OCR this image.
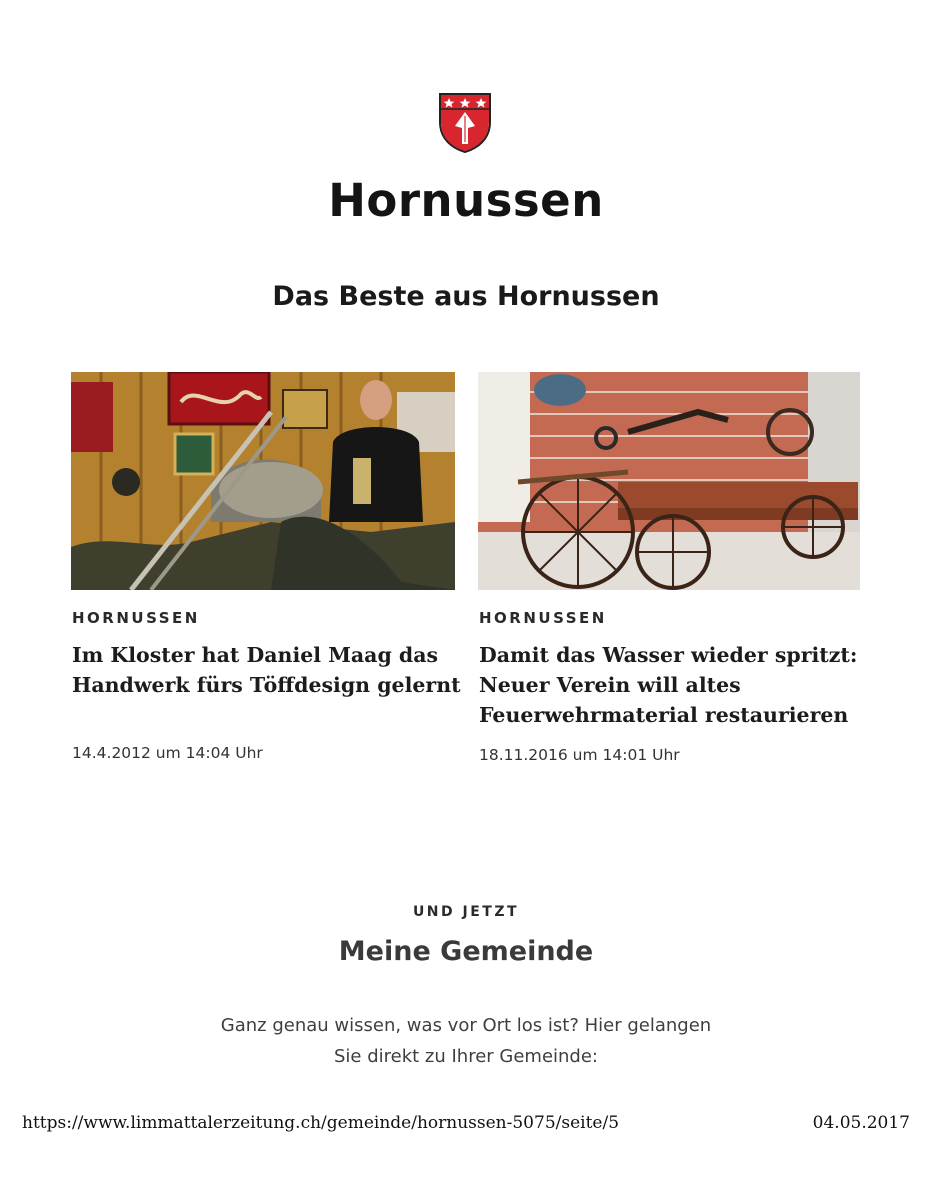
Hornussen
Das Beste aus Hornussen
HORNUSSEN
Im Kloster hat Daniel Maag das
Handwerk fürs Töffdesign gelernt
14.4.2012 um 14:04 Uhr
HORNUSSEN
Damit das Wasser wieder spritzt:
Neuer Verein will altes
Feuerwehrmaterial restaurieren
18.11.2016 um 14:01 Uhr
UND JETZT
Meine Gemeinde
Ganz genau wissen, was vor Ort los ist? Hier gelangen
Sie direkt zu Ihrer Gemeinde:
https://www.limmattalerzeitung.ch/gemeinde/hornussen-5075/seite/5	04.05.2017
